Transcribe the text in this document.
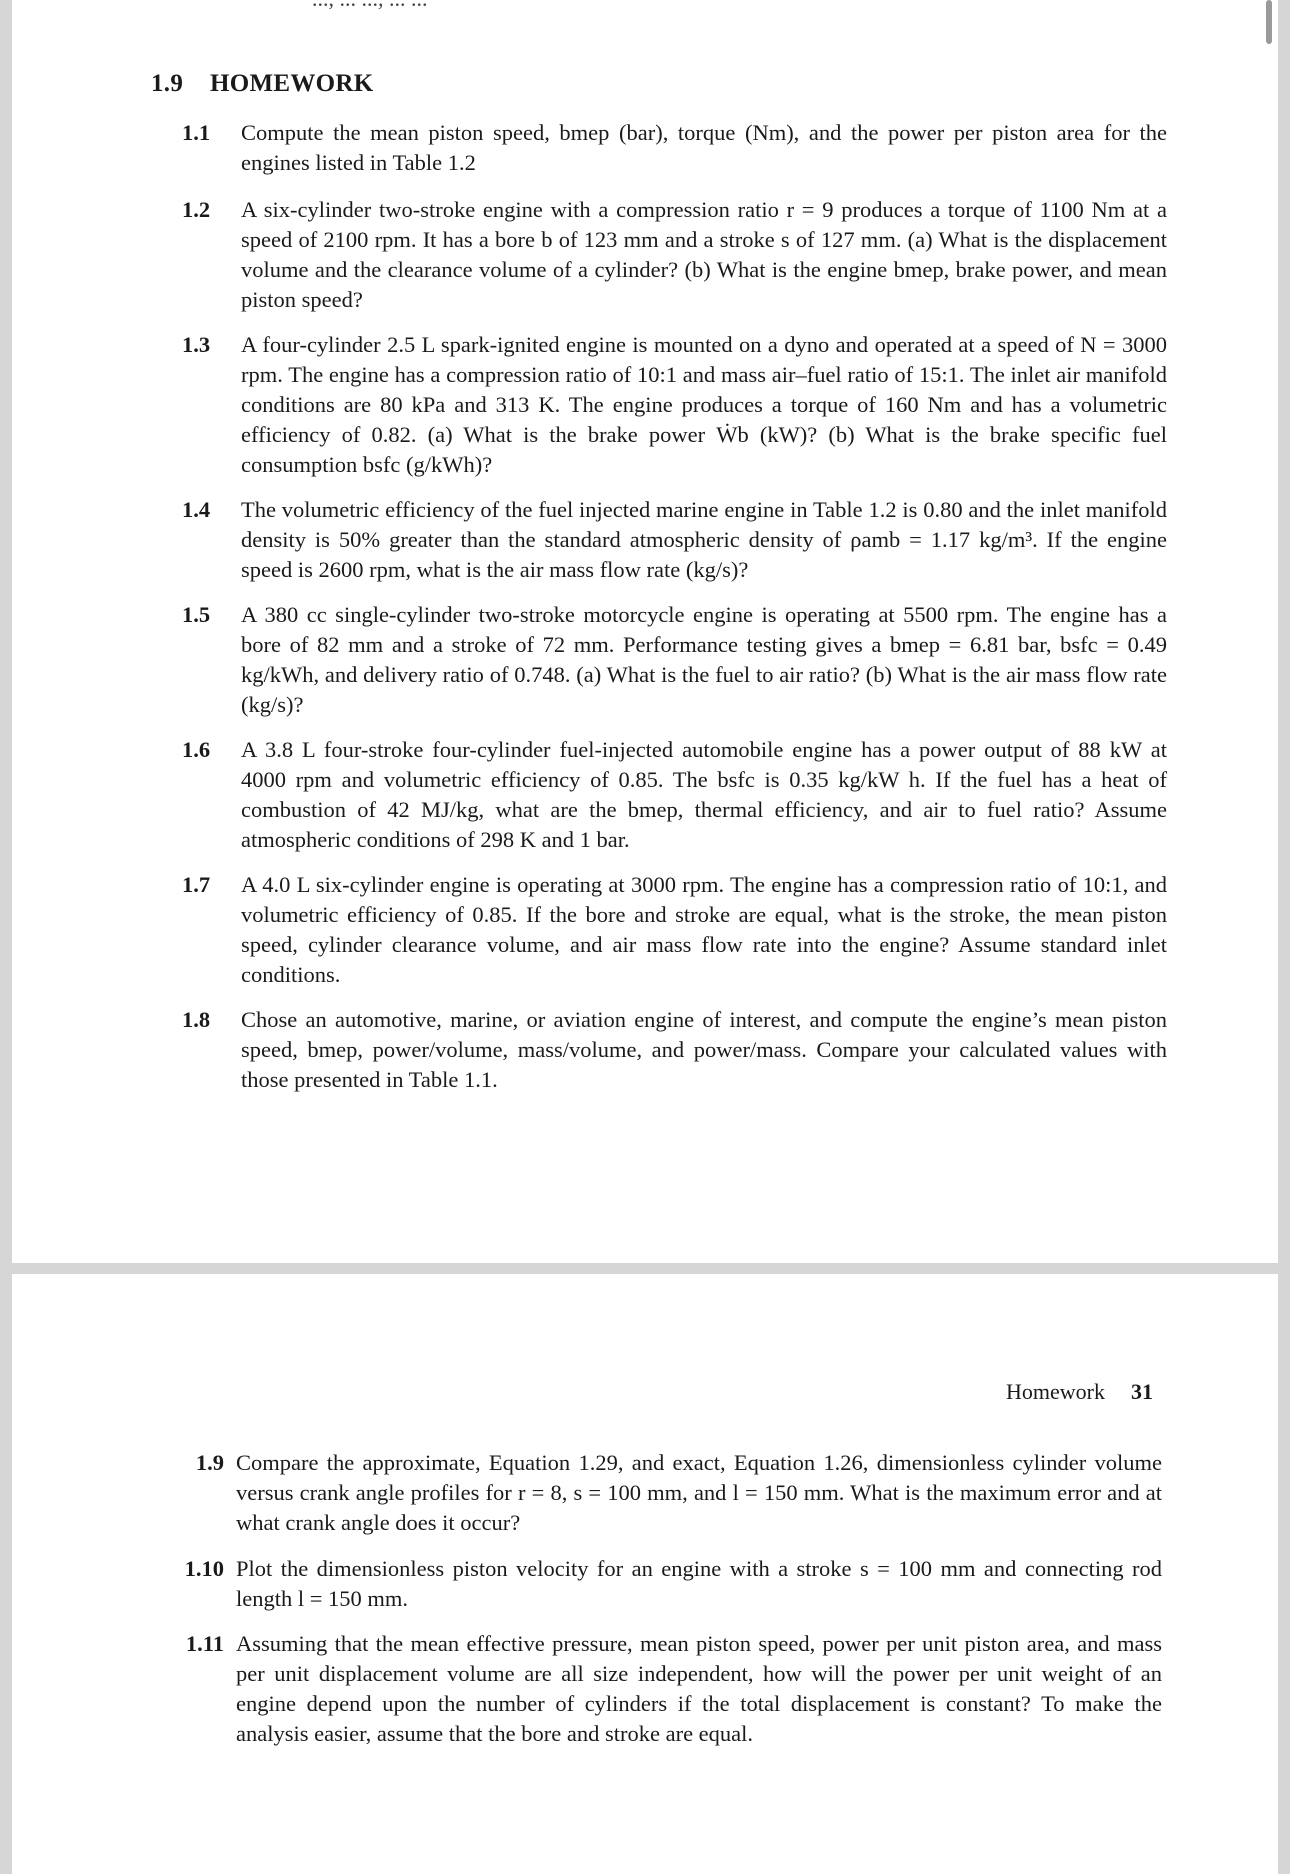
1.9 HOMEWORK
1.1	Compute the mean piston speed, bmep (bar), torque (Nm), and the power per piston area for the engines listed in Table 1.2
1.2	A six-cylinder two-stroke engine with a compression ratio r = 9 produces a torque of 1100 Nm at a speed of 2100 rpm. It has a bore b of 123 mm and a stroke s of 127 mm. (a) What is the displacement volume and the clearance volume of a cylinder? (b) What is the engine bmep, brake power, and mean piston speed?
1.3	A four-cylinder 2.5 L spark-ignited engine is mounted on a dyno and operated at a speed of N = 3000 rpm. The engine has a compression ratio of 10:1 and mass air–fuel ratio of 15:1. The inlet air manifold conditions are 80 kPa and 313 K. The engine produces a torque of 160 Nm and has a volumetric efficiency of 0.82. (a) What is the brake power Ẇb (kW)? (b) What is the brake specific fuel consumption bsfc (g/kWh)?
1.4	The volumetric efficiency of the fuel injected marine engine in Table 1.2 is 0.80 and the inlet manifold density is 50% greater than the standard atmospheric density of ρamb = 1.17 kg/m³. If the engine speed is 2600 rpm, what is the air mass flow rate (kg/s)?
1.5	A 380 cc single-cylinder two-stroke motorcycle engine is operating at 5500 rpm. The engine has a bore of 82 mm and a stroke of 72 mm. Performance testing gives a bmep = 6.81 bar, bsfc = 0.49 kg/kWh, and delivery ratio of 0.748. (a) What is the fuel to air ratio? (b) What is the air mass flow rate (kg/s)?
1.6	A 3.8 L four-stroke four-cylinder fuel-injected automobile engine has a power output of 88 kW at 4000 rpm and volumetric efficiency of 0.85. The bsfc is 0.35 kg/kW h. If the fuel has a heat of combustion of 42 MJ/kg, what are the bmep, thermal efficiency, and air to fuel ratio? Assume atmospheric conditions of 298 K and 1 bar.
1.7	A 4.0 L six-cylinder engine is operating at 3000 rpm. The engine has a compression ratio of 10:1, and volumetric efficiency of 0.85. If the bore and stroke are equal, what is the stroke, the mean piston speed, cylinder clearance volume, and air mass flow rate into the engine? Assume standard inlet conditions.
1.8	Chose an automotive, marine, or aviation engine of interest, and compute the engine’s mean piston speed, bmep, power/volume, mass/volume, and power/mass. Compare your calculated values with those presented in Table 1.1.
Homework 31
1.9 Compare the approximate, Equation 1.29, and exact, Equation 1.26, dimensionless cylinder volume versus crank angle profiles for r = 8, s = 100 mm, and l = 150 mm. What is the maximum error and at what crank angle does it occur?
1.10 Plot the dimensionless piston velocity for an engine with a stroke s = 100 mm and connecting rod length l = 150 mm.
1.11 Assuming that the mean effective pressure, mean piston speed, power per unit piston area, and mass per unit displacement volume are all size independent, how will the power per unit weight of an engine depend upon the number of cylinders if the total displacement is constant? To make the analysis easier, assume that the bore and stroke are equal.
